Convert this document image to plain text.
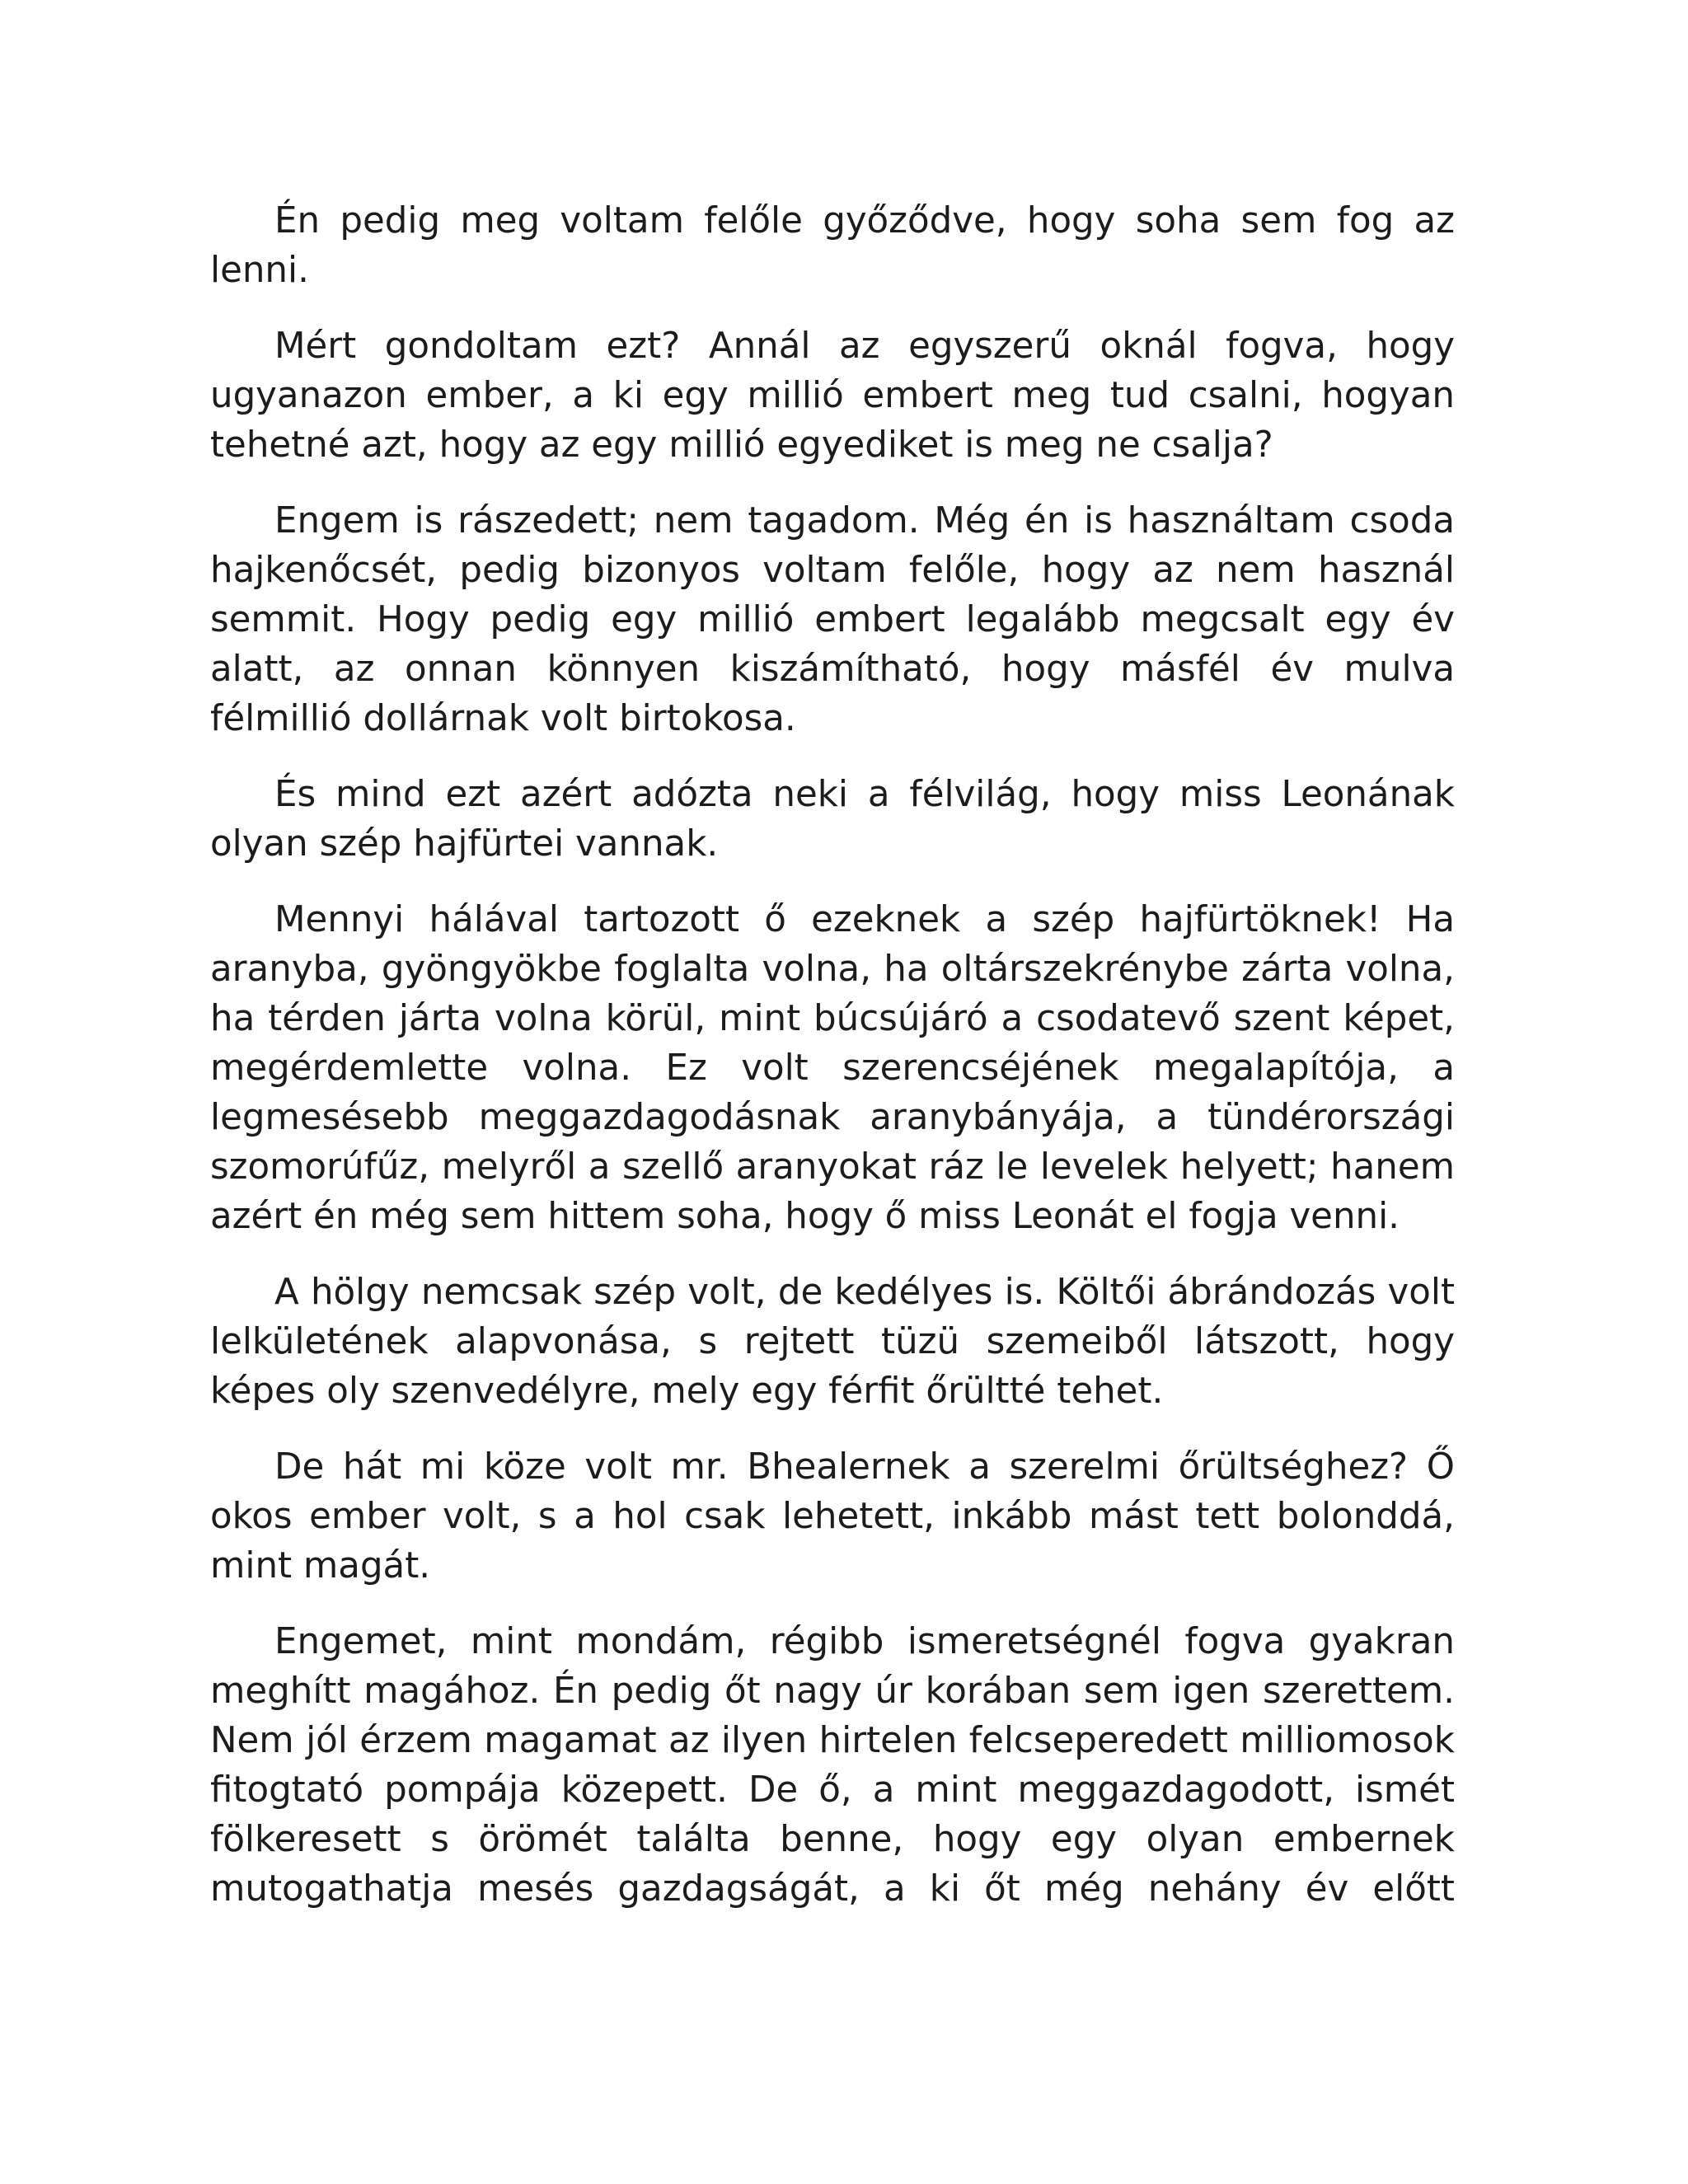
Én pedig meg voltam felőle győződve, hogy soha sem fog az lenni.

Mért gondoltam ezt? Annál az egyszerű oknál fogva, hogy ugyanazon ember, a ki egy millió embert meg tud csalni, hogyan tehetné azt, hogy az egy millió egyediket is meg ne csalja?

Engem is rászedett; nem tagadom. Még én is használtam csoda hajkenőcsét, pedig bizonyos voltam felőle, hogy az nem használ semmit. Hogy pedig egy millió embert legalább megcsalt egy év alatt, az onnan könnyen kiszámítható, hogy másfél év mulva félmillió dollárnak volt birtokosa.

És mind ezt azért adózta neki a félvilág, hogy miss Leonának olyan szép hajfürtei vannak.

Mennyi hálával tartozott ő ezeknek a szép hajfürtöknek! Ha aranyba, gyöngyökbe foglalta volna, ha oltárszekrénybe zárta volna, ha térden járta volna körül, mint búcsújáró a csodatevő szent képet, megérdemlette volna. Ez volt szerencséjének megalapítója, a legmesésebb meggazdagodásnak aranybányája, a tündérországi szomorúfűz, melyről a szellő aranyokat ráz le levelek helyett; hanem azért én még sem hittem soha, hogy ő miss Leonát el fogja venni.

A hölgy nemcsak szép volt, de kedélyes is. Költői ábrándozás volt lelkületének alapvonása, s rejtett tüzü szemeiből látszott, hogy képes oly szenvedélyre, mely egy férfit őrültté tehet.

De hát mi köze volt mr. Bhealernek a szerelmi őrültséghez? Ő okos ember volt, s a hol csak lehetett, inkább mást tett bolonddá, mint magát.

Engemet, mint mondám, régibb ismeretségnél fogva gyakran meghítt magához. Én pedig őt nagy úr korában sem igen szerettem. Nem jól érzem magamat az ilyen hirtelen felcseperedett milliomosok fitogtató pompája közepett. De ő, a mint meggazdagodott, ismét fölkeresett s örömét találta benne, hogy egy olyan embernek mutogathatja mesés gazdagságát, a ki őt még nehány év előtt
